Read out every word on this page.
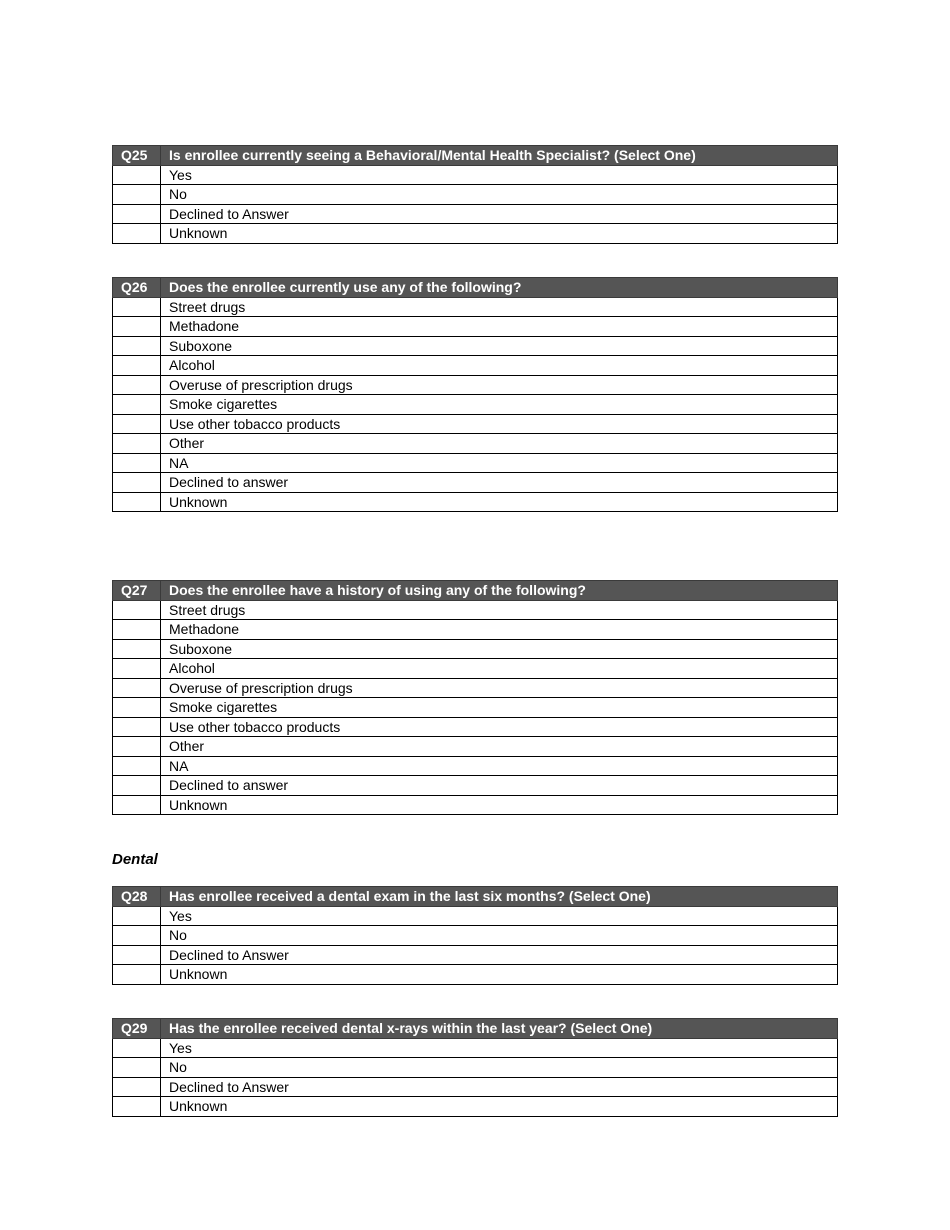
Q25	Is enrollee currently seeing a Behavioral/Mental Health Specialist? (Select One)
	Yes
	No
	Declined to Answer
	Unknown
Q26	Does the enrollee currently use any of the following?
	Street drugs
	Methadone
	Suboxone
	Alcohol
	Overuse of prescription drugs
	Smoke cigarettes
	Use other tobacco products
	Other
	NA
	Declined to answer
	Unknown
Q27	Does the enrollee have a history of using any of the following?
	Street drugs
	Methadone
	Suboxone
	Alcohol
	Overuse of prescription drugs
	Smoke cigarettes
	Use other tobacco products
	Other
	NA
	Declined to answer
	Unknown
Dental
Q28	Has enrollee received a dental exam in the last six months? (Select One)
	Yes
	No
	Declined to Answer
	Unknown
Q29	Has the enrollee received dental x-rays within the last year? (Select One)
	Yes
	No
	Declined to Answer
	Unknown
